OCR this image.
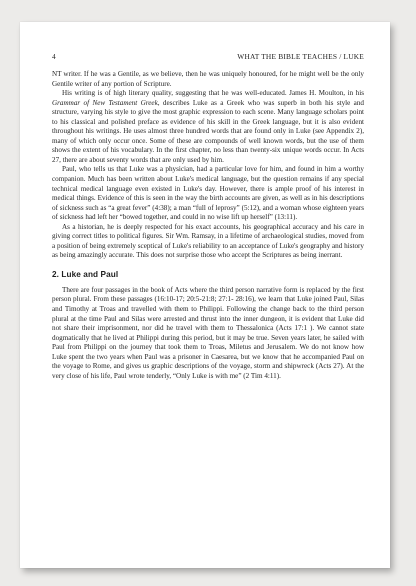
4	WHAT THE BIBLE TEACHES / LUKE

NT writer. If he was a Gentile, as we believe, then he was uniquely honoured, for he might well be the only Gentile writer of any portion of Scripture.

His writing is of high literary quality, suggesting that he was well-educated. James H. Moulton, in his Grammar of New Testament Greek, describes Luke as a Greek who was superb in both his style and structure, varying his style to give the most graphic expression to each scene. Many language scholars point to his classical and polished preface as evidence of his skill in the Greek language, but it is also evident throughout his writings. He uses almost three hundred words that are found only in Luke (see Appendix 2), many of which only occur once. Some of these are compounds of well known words, but the use of them shows the extent of his vocabulary. In the first chapter, no less than twenty-six unique words occur. In Acts 27, there are about seventy words that are only used by him.

Paul, who tells us that Luke was a physician, had a particular love for him, and found in him a worthy companion. Much has been written about Luke's medical language, but the question remains if any special technical medical language even existed in Luke's day. However, there is ample proof of his interest in medical things. Evidence of this is seen in the way the birth accounts are given, as well as in his descriptions of sickness such as “a great fever” (4:38); a man “full of leprosy” (5:12), and a woman whose eighteen years of sickness had left her “bowed together, and could in no wise lift up herself” (13:11).

As a historian, he is deeply respected for his exact accounts, his geographical accuracy and his care in giving correct titles to political figures. Sir Wm. Ramsay, in a lifetime of archaeological studies, moved from a position of being extremely sceptical of Luke's reliability to an acceptance of Luke's geography and history as being amazingly accurate. This does not surprise those who accept the Scriptures as being inerrant.

2. Luke and Paul

There are four passages in the book of Acts where the third person narrative form is replaced by the first person plural. From these passages (16:10-17; 20:5-21:8; 27:1- 28:16), we learn that Luke joined Paul, Silas and Timothy at Troas and travelled with them to Philippi. Following the change back to the third person plural at the time Paul and Silas were arrested and thrust into the inner dungeon, it is evident that Luke did not share their imprisonment, nor did he travel with them to Thessalonica (Acts 17:1 ). We cannot state dogmatically that he lived at Philippi during this period, but it may be true. Seven years later, he sailed with Paul from Philippi on the journey that took them to Troas, Miletus and Jerusalem. We do not know how Luke spent the two years when Paul was a prisoner in Caesarea, but we know that he accompanied Paul on the voyage to Rome, and gives us graphic descriptions of the voyage, storm and shipwreck (Acts 27). At the very close of his life, Paul wrote tenderly, “Only Luke is with me” (2 Tim 4:11).
